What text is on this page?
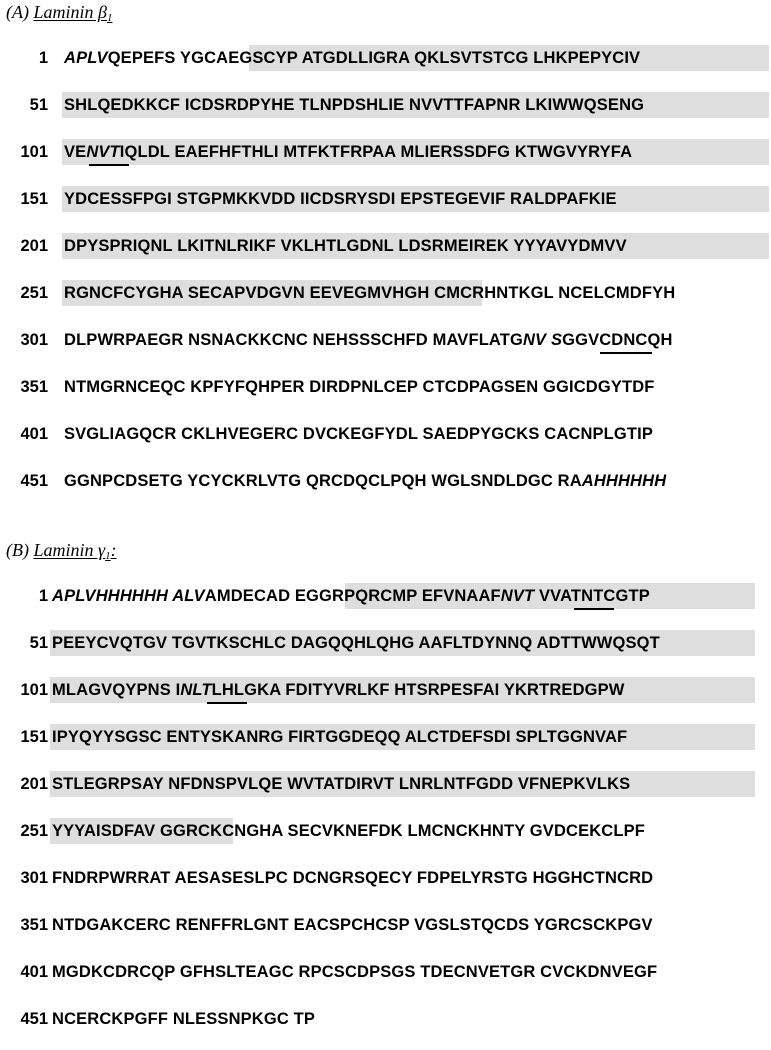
(A) Laminin $\beta_1$
1 APLVQEPEFS YGCAEGSCYP ATGDLLIGRA QKLSVTSTCG LHKPEPYCIV
51 SHLQEDKKCF ICDSRDPYHE TLNPDSHLIE NVVTTFAPNR LKIWWQSENG
101 VENVTIQLDL EAEFHFTHLI MTFKTFRPAA MLIERSSDFG KTWGVYRYFA
151 YDCESSFPGI STGPMKKVDD IICDSRYSDI EPSTEGEVIF RALDPAFKIE
201 DPYSPRIQNL LKITNLRIKF VKLHTLGDNL LDSRMEIREK YYYAVYDMVV
251 RGNCFCYGHA SECAPVDGVN EEVEGMVHGH CMCRHNTKGL NCELCMDFYH
301 DLPWRPAEGR NSNACKKCNC NEHSSSCHFD MAVFLATGNV SGGVCDNCQH
351 NTMGRNCEQC KPFYFQHPER DIRDPNLCEP CTCDPAGSEN GGICDGYTDF
401 SVGLIAGQCR CKLHVEGERC DVCKEGFYDL SAEDPYGCKS CACNPLGTIP
451 GGNPCDSETG YCYCKRLVTG QRCDQCLPQH WGLSNDLDGC RAAHHHHHH
(B) Laminin $\gamma_1$:
1 APLVHHHHHH ALVAMDECAD EGGRPQRCMP EFVNAAFNVT VVATNTCGTP
51 PEEYCVQTGV TGVTKSCHLC DAGQQHLQHG AAFLTDYNNQ ADTTWWQSQT
101 MLAGVQYPNS INLTLHLGKA FDITYVRLKF HTSRPESFAI YKRTREDGPW
151 IPYQYYSGSC ENTYSKANRG FIRTGGDEQQ ALCTDEFSDI SPLTGGNVAF
201 STLEGRPSAY NFDNSPVLQE WVTATDIRVT LNRLNTFGDD VFNEPKVLKS
251 YYYAISDFAV GGRCKCNGHA SECVKNEFDK LMCNCKHNTY GVDCEKCLPF
301 FNDRPWRRAT AESASESLPC DCNGRSQECY FDPELYRSTG HGGHCTNCRD
351 NTDGAKCERC RENFFRLGNT EACSPCHCSP VGSLSTQCDS YGRCSCKPGV
401 MGDKCDRCQP GFHSLTEAGC RPCSCDPSGS TDECNVETGR CVCKDNVEGF
451 NCERCKPGFF NLESSNPKGC TP
